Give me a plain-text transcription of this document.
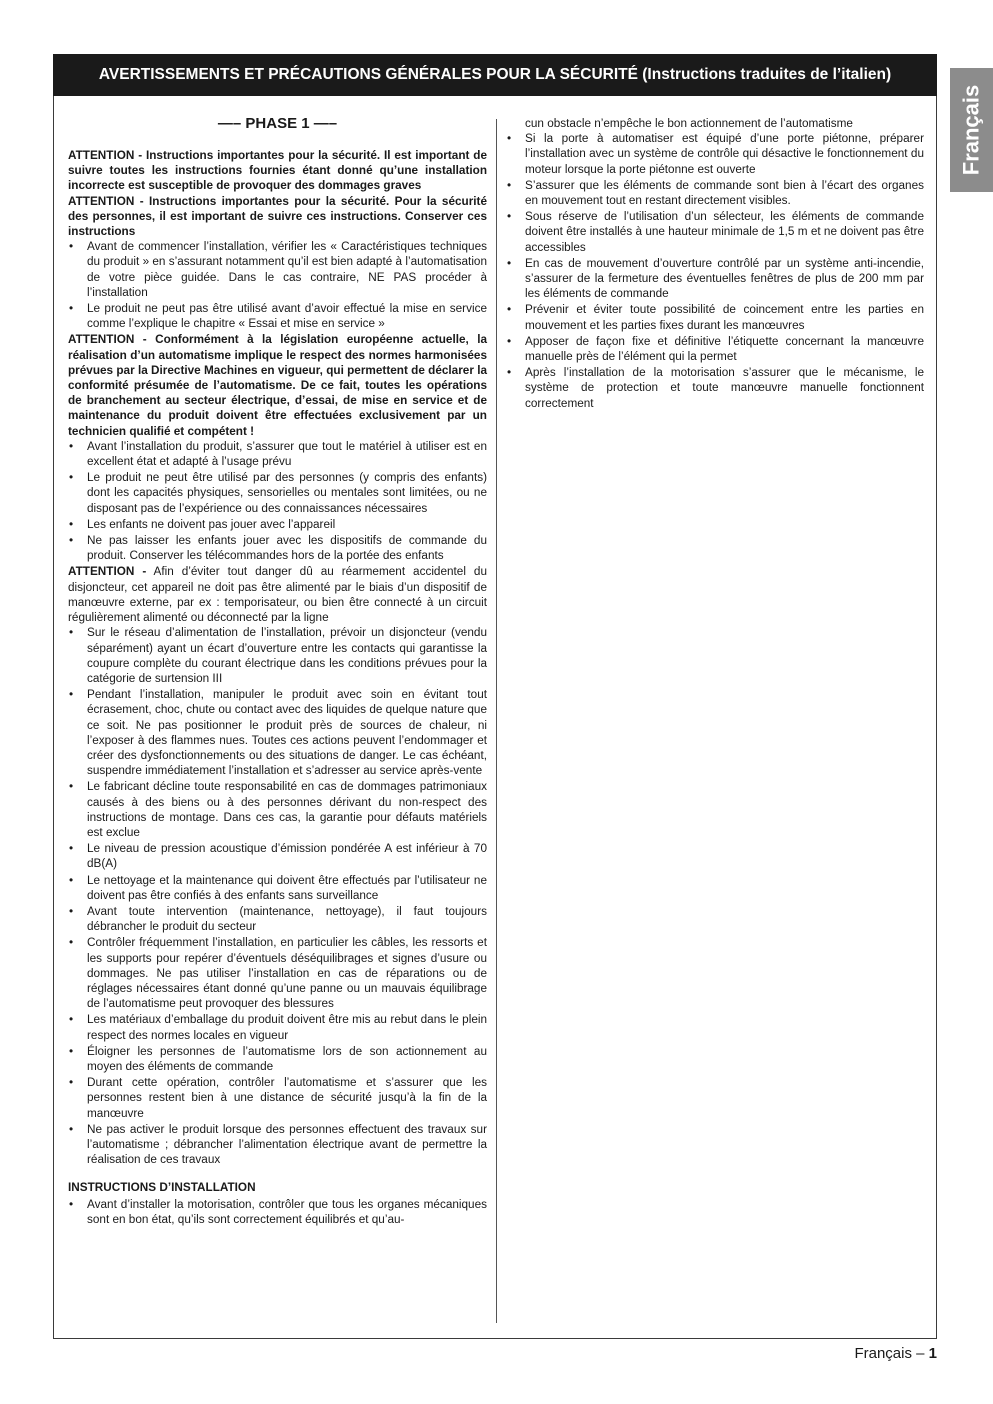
AVERTISSEMENTS ET PRÉCAUTIONS GÉNÉRALES POUR LA SÉCURITÉ (Instructions traduites de l’italien)
Français
—– PHASE 1 —–

ATTENTION - Instructions importantes pour la sécurité. Il est important de suivre toutes les instructions fournies étant donné qu’une installation incorrecte est susceptible de provoquer des dommages graves

ATTENTION - Instructions importantes pour la sécurité. Pour la sécurité des personnes, il est important de suivre ces instructions. Conserver ces instructions

• Avant de commencer l’installation, vérifier les « Caractéristiques techniques du produit » en s’assurant notamment qu’il est bien adapté à l’automatisation de votre pièce guidée. Dans le cas contraire, NE PAS procéder à l’installation
• Le produit ne peut pas être utilisé avant d’avoir effectué la mise en service comme l’explique le chapitre « Essai et mise en service »

ATTENTION - Conformément à la législation européenne actuelle, la réalisation d’un automatisme implique le respect des normes harmonisées prévues par la Directive Machines en vigueur, qui permettent de déclarer la conformité présumée de l’automatisme. De ce fait, toutes les opérations de branchement au secteur électrique, d’essai, de mise en service et de maintenance du produit doivent être effectuées exclusivement par un technicien qualifié et compétent !

• Avant l’installation du produit, s’assurer que tout le matériel à utiliser est en excellent état et adapté à l’usage prévu
• Le produit ne peut être utilisé par des personnes (y compris des enfants) dont les capacités physiques, sensorielles ou mentales sont limitées, ou ne disposant pas de l’expérience ou des connaissances nécessaires
• Les enfants ne doivent pas jouer avec l’appareil
• Ne pas laisser les enfants jouer avec les dispositifs de commande du produit. Conserver les télécommandes hors de la portée des enfants

ATTENTION - Afin d’éviter tout danger dû au réarmement accidentel du disjoncteur, cet appareil ne doit pas être alimenté par le biais d’un dispositif de manœuvre externe, par ex : temporisateur, ou bien être connecté à un circuit régulièrement alimenté ou déconnecté par la ligne

• Sur le réseau d’alimentation de l’installation, prévoir un disjoncteur (vendu séparément) ayant un écart d’ouverture entre les contacts qui garantisse la coupure complète du courant électrique dans les conditions prévues pour la catégorie de surtension III
• Pendant l’installation, manipuler le produit avec soin en évitant tout écrasement, choc, chute ou contact avec des liquides de quelque nature que ce soit. Ne pas positionner le produit près de sources de chaleur, ni l’exposer à des flammes nues. Toutes ces actions peuvent l’endommager et créer des dysfonctionnements ou des situations de danger. Le cas échéant, suspendre immédiatement l’installation et s’adresser au service après-vente
• Le fabricant décline toute responsabilité en cas de dommages patrimoniaux causés à des biens ou à des personnes dérivant du non-respect des instructions de montage. Dans ces cas, la garantie pour défauts matériels est exclue
• Le niveau de pression acoustique d’émission pondérée A est inférieur à 70 dB(A)
• Le nettoyage et la maintenance qui doivent être effectués par l’utilisateur ne doivent pas être confiés à des enfants sans surveillance
• Avant toute intervention (maintenance, nettoyage), il faut toujours débrancher le produit du secteur
• Contrôler fréquemment l’installation, en particulier les câbles, les ressorts et les supports pour repérer d’éventuels déséquilibrages et signes d’usure ou dommages. Ne pas utiliser l’installation en cas de réparations ou de réglages nécessaires étant donné qu’une panne ou un mauvais équilibrage de l’automatisme peut provoquer des blessures
• Les matériaux d’emballage du produit doivent être mis au rebut dans le plein respect des normes locales en vigueur
• Éloigner les personnes de l’automatisme lors de son actionnement au moyen des éléments de commande
• Durant cette opération, contrôler l’automatisme et s’assurer que les personnes restent bien à une distance de sécurité jusqu’à la fin de la manœuvre
• Ne pas activer le produit lorsque des personnes effectuent des travaux sur l’automatisme ; débrancher l’alimentation électrique avant de permettre la réalisation de ces travaux
INSTRUCTIONS D’INSTALLATION
• Avant d’installer la motorisation, contrôler que tous les organes mécaniques sont en bon état, qu’ils sont correctement équilibrés et qu’au-

cun obstacle n’empêche le bon actionnement de l’automatisme

• Si la porte à automatiser est équipé d’une porte piétonne, préparer l’installation avec un système de contrôle qui désactive le fonctionnement du moteur lorsque la porte piétonne est ouverte
• S’assurer que les éléments de commande sont bien à l’écart des organes en mouvement tout en restant directement visibles.
• Sous réserve de l’utilisation d’un sélecteur, les éléments de commande doivent être installés à une hauteur minimale de 1,5 m et ne doivent pas être accessibles
• En cas de mouvement d’ouverture contrôlé par un système anti-incendie, s’assurer de la fermeture des éventuelles fenêtres de plus de 200 mm par les éléments de commande
• Prévenir et éviter toute possibilité de coincement entre les parties en mouvement et les parties fixes durant les manœuvres
• Apposer de façon fixe et définitive l’étiquette concernant la manœuvre manuelle près de l’élément qui la permet
• Après l’installation de la motorisation s’assurer que le mécanisme, le système de protection et toute manœuvre manuelle fonctionnent correctement
Français – 1
